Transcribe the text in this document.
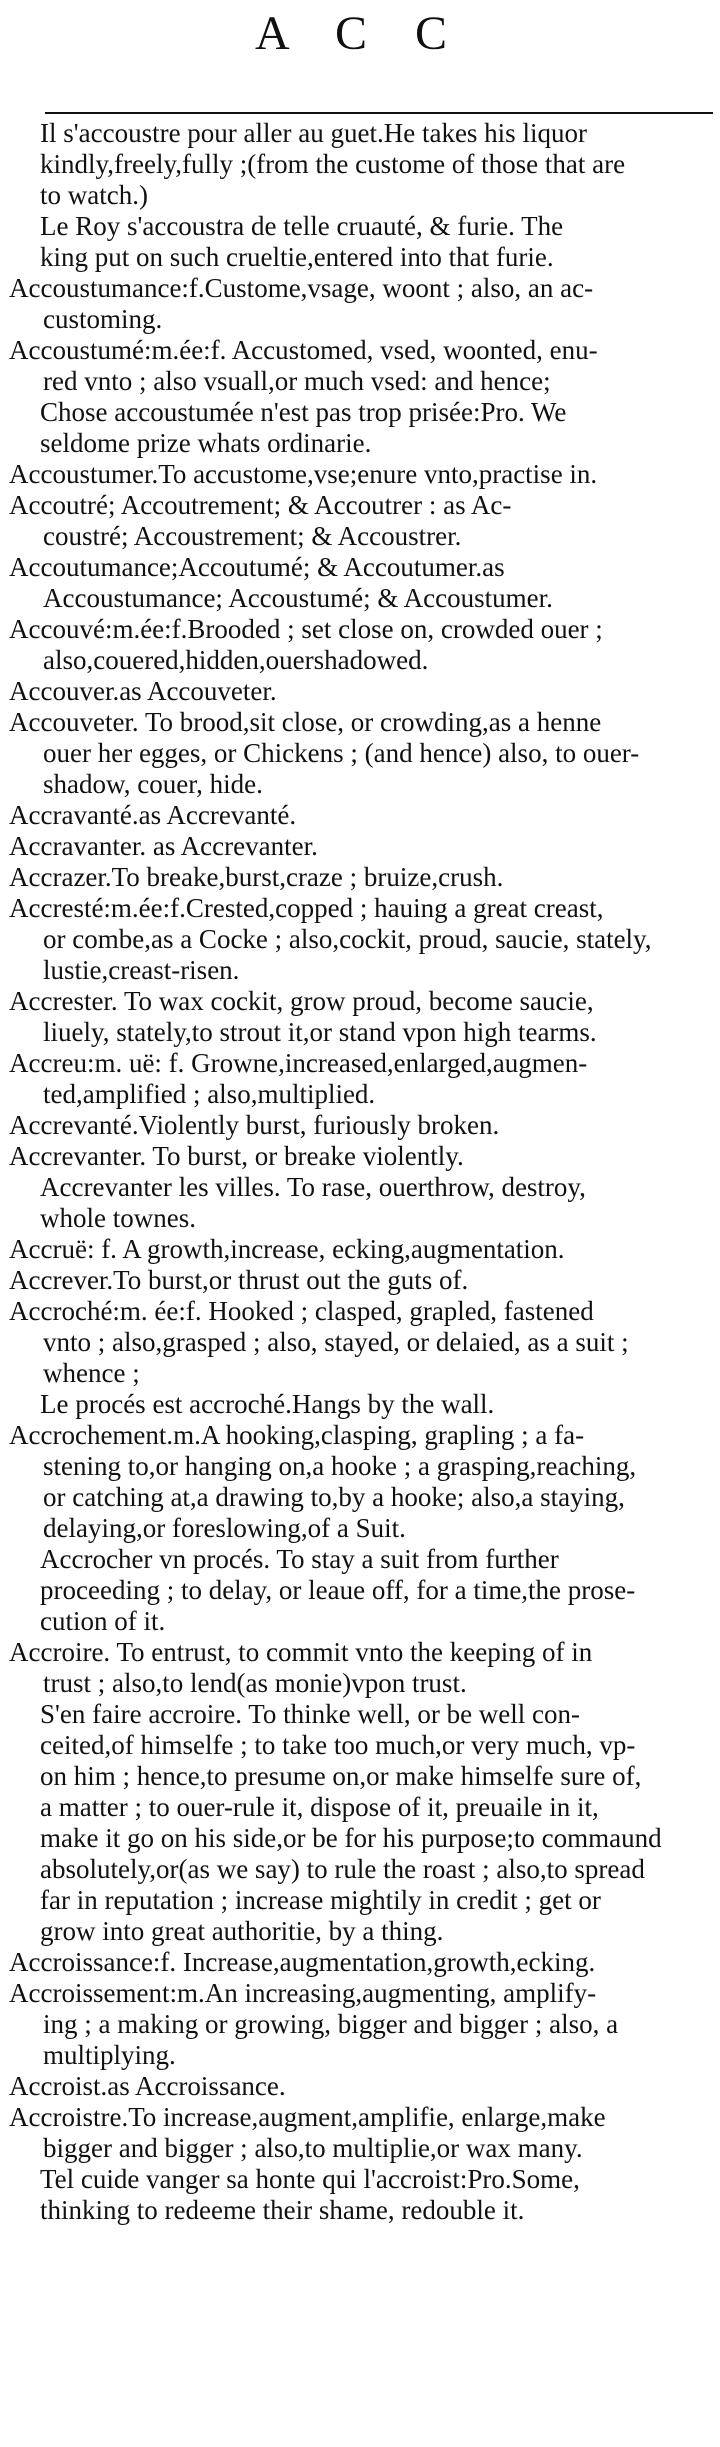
A C C
Il s'accoustre pour aller au guet.He takes his liquor
kindly,freely,fully ;(from the custome of those that are
to watch.)
Le Roy s'accoustra de telle cruauté, & furie. The
king put on such crueltie,entered into that furie.
Accoustumance:f.Custome,vsage, woont ; also, an ac-
customing.
Accoustumé:m.ée:f. Accustomed, vsed, woonted, enu-
red vnto ; also vsuall,or much vsed: and hence;
Chose accoustumée n'est pas trop prisée:Pro. We
seldome prize whats ordinarie.
Accoustumer.To accustome,vse;enure vnto,practise in.
Accoutré; Accoutrement; & Accoutrer : as Ac-
coustré; Accoustrement; & Accoustrer.
Accoutumance;Accoutumé; & Accoutumer.as
Accoustumance; Accoustumé; & Accoustumer.
Accouvé:m.ée:f.Brooded ; set close on, crowded ouer ;
also,couered,hidden,ouershadowed.
Accouver.as Accouveter.
Accouveter. To brood,sit close, or crowding,as a henne
ouer her egges, or Chickens ; (and hence) also, to ouer-
shadow, couer, hide.
Accravanté.as Accrevanté.
Accravanter. as Accrevanter.
Accrazer.To breake,burst,craze ; bruize,crush.
Accresté:m.ée:f.Crested,copped ; hauing a great creast,
or combe,as a Cocke ; also,cockit, proud, saucie, stately,
lustie,creast-risen.
Accrester. To wax cockit, grow proud, become saucie,
liuely, stately,to strout it,or stand vpon high tearms.
Accreu:m. uë: f. Growne,increased,enlarged,augmen-
ted,amplified ; also,multiplied.
Accrevanté.Violently burst, furiously broken.
Accrevanter. To burst, or breake violently.
Accrevanter les villes. To rase, ouerthrow, destroy,
whole townes.
Accruë: f. A growth,increase, ecking,augmentation.
Accrever.To burst,or thrust out the guts of.
Accroché:m. ée:f. Hooked ; clasped, grapled, fastened
vnto ; also,grasped ; also, stayed, or delaied, as a suit ;
whence ;
Le procés est accroché.Hangs by the wall.
Accrochement.m.A hooking,clasping, grapling ; a fa-
stening to,or hanging on,a hooke ; a grasping,reaching,
or catching at,a drawing to,by a hooke; also,a staying,
delaying,or foreslowing,of a Suit.
Accrocher vn procés. To stay a suit from further
proceeding ; to delay, or leaue off, for a time,the prose-
cution of it.
Accroire. To entrust, to commit vnto the keeping of in
trust ; also,to lend(as monie)vpon trust.
S'en faire accroire. To thinke well, or be well con-
ceited,of himselfe ; to take too much,or very much, vp-
on him ; hence,to presume on,or make himselfe sure of,
a matter ; to ouer-rule it, dispose of it, preuaile in it,
make it go on his side,or be for his purpose;to commaund
absolutely,or(as we say) to rule the roast ; also,to spread
far in reputation ; increase mightily in credit ; get or
grow into great authoritie, by a thing.
Accroissance:f. Increase,augmentation,growth,ecking.
Accroissement:m.An increasing,augmenting, amplify-
ing ; a making or growing, bigger and bigger ; also, a
multiplying.
Accroist.as Accroissance.
Accroistre.To increase,augment,amplifie, enlarge,make
bigger and bigger ; also,to multiplie,or wax many.
Tel cuide vanger sa honte qui l'accroist:Pro.Some,
thinking to redeeme their shame, redouble it.
